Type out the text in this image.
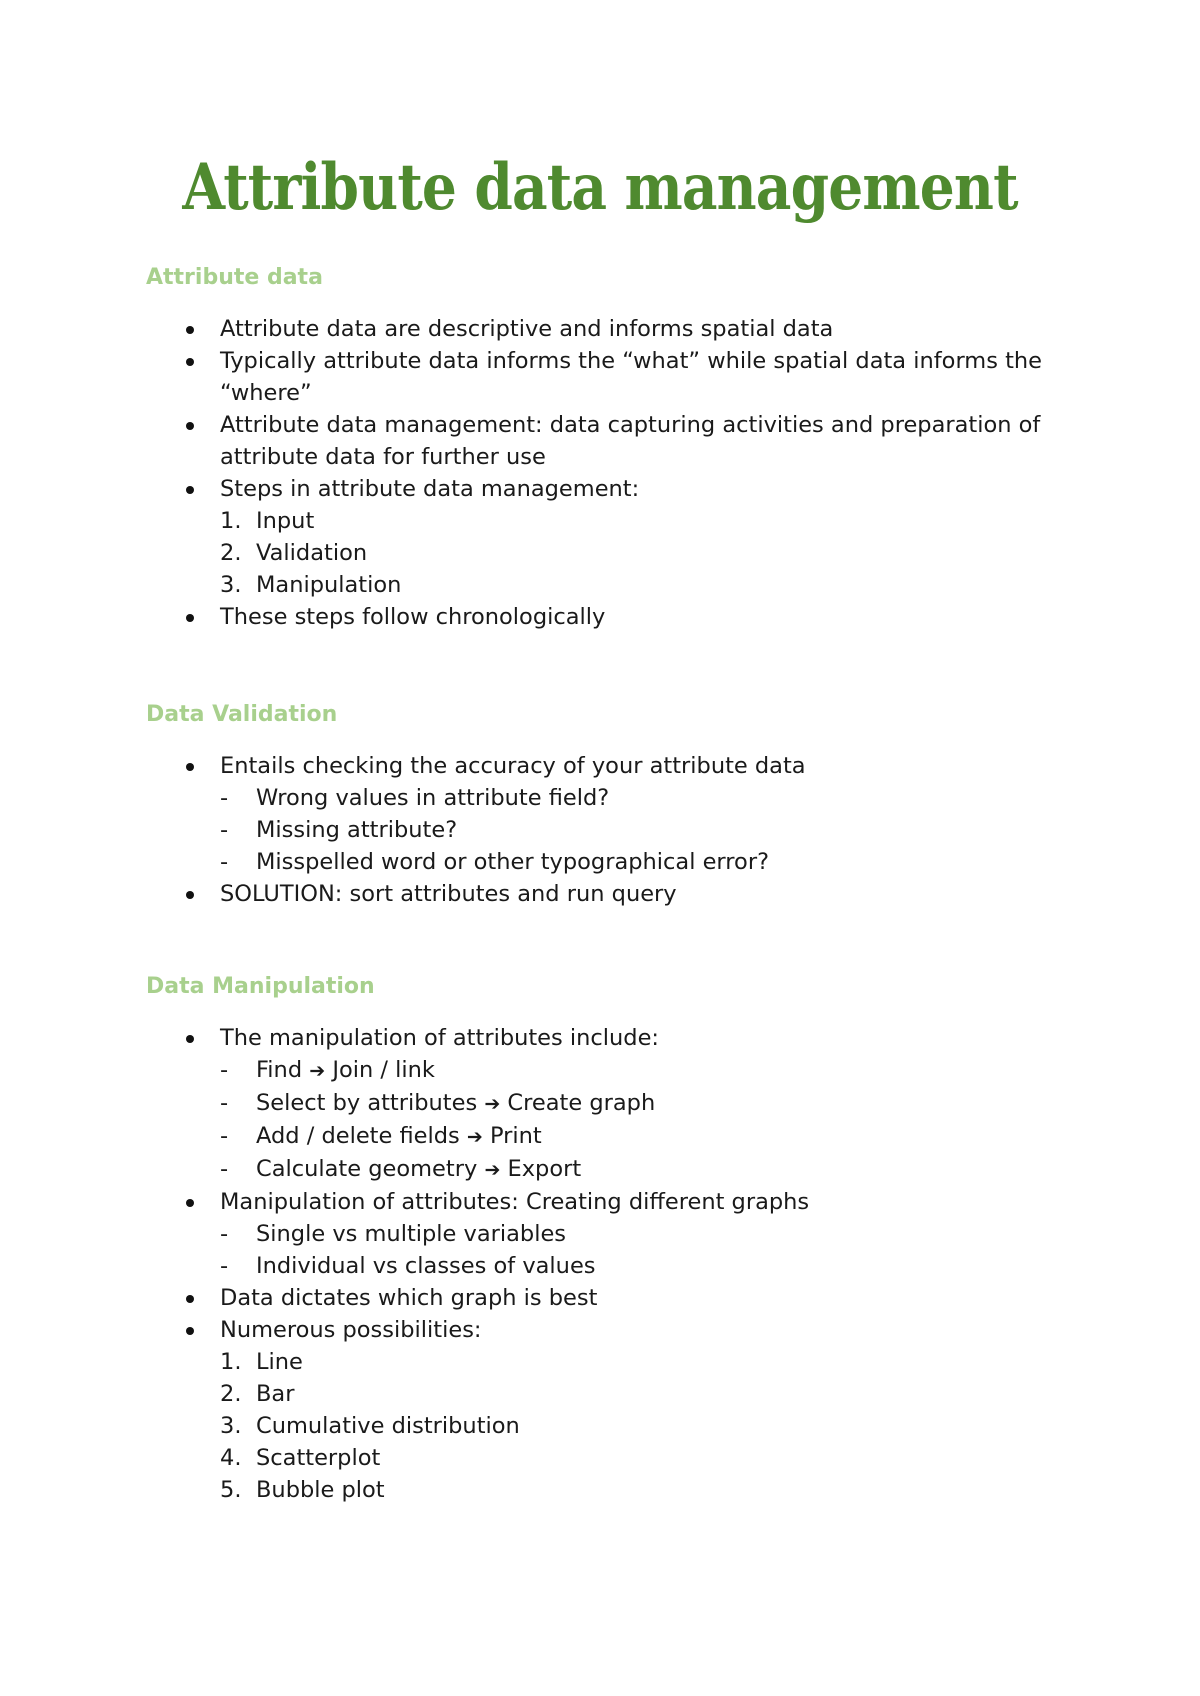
Attribute data management
Attribute data
Attribute data are descriptive and informs spatial data
Typically attribute data informs the “what” while spatial data informs the
“where”
Attribute data management: data capturing activities and preparation of
attribute data for further use
Steps in attribute data management:
1. Input
2. Validation
3. Manipulation
These steps follow chronologically
Data Validation
Entails checking the accuracy of your attribute data
-	Wrong values in attribute field?
-	Missing attribute?
-	Misspelled word or other typographical error?
SOLUTION: sort attributes and run query
Data Manipulation
The manipulation of attributes include:
-	Find ➔ Join / link
-	Select by attributes ➔ Create graph
-	Add / delete fields ➔ Print
-	Calculate geometry ➔ Export
Manipulation of attributes: Creating different graphs
-	Single vs multiple variables
-	Individual vs classes of values
Data dictates which graph is best
Numerous possibilities:
1. Line
2. Bar
3. Cumulative distribution
4. Scatterplot
5. Bubble plot
